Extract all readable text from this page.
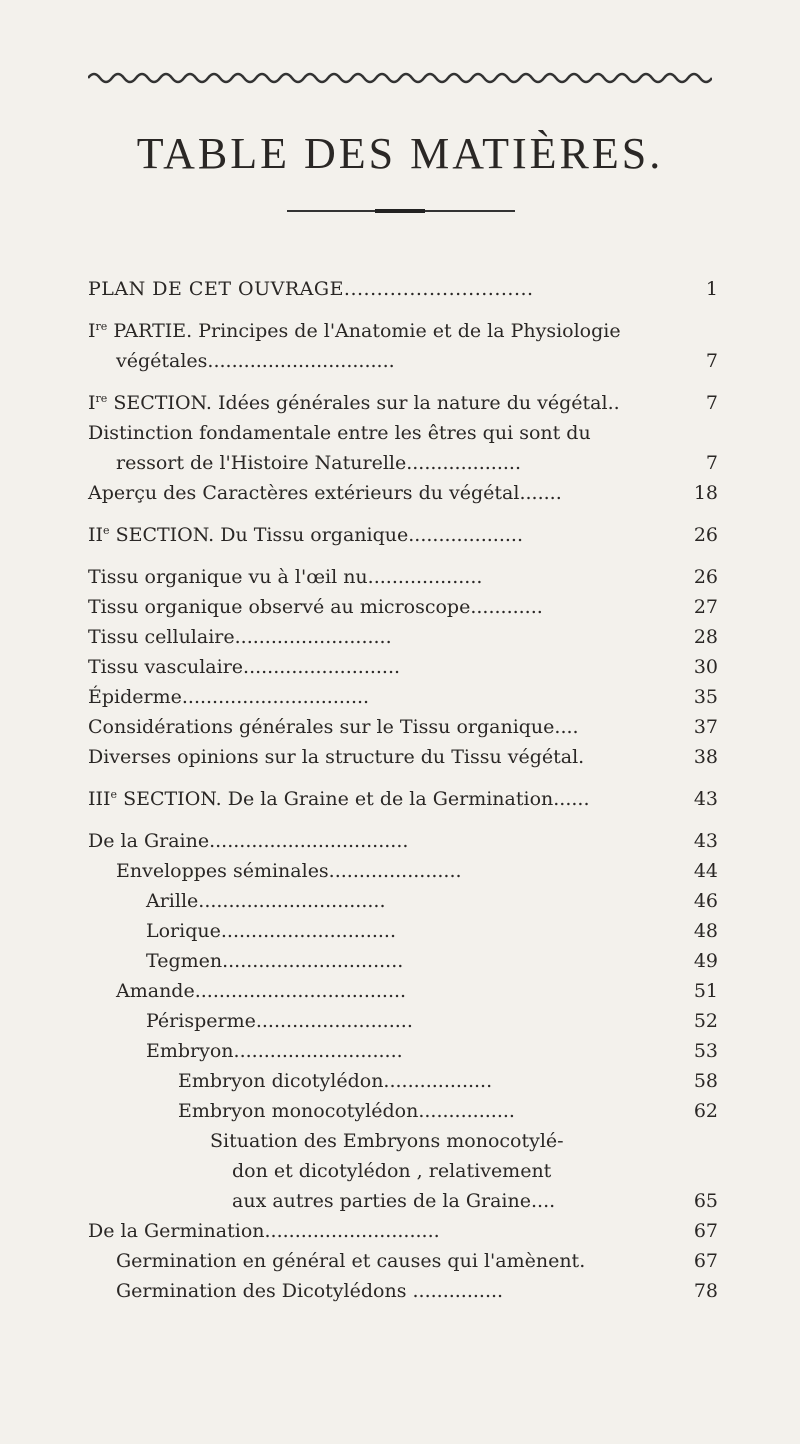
TABLE DES MATIÈRES.
PLAN DE CET OUVRAGE.............................	1
Ire PARTIE. Principes de l'Anatomie et de la Physiologie
végétales...............................	7
Ire SECTION. Idées générales sur la nature du végétal..	7
Distinction fondamentale entre les êtres qui sont du
ressort de l'Histoire Naturelle...................	7
Aperçu des Caractères extérieurs du végétal.......	18
IIe SECTION. Du Tissu organique...................	26
Tissu organique vu à l'œil nu...................	26
Tissu organique observé au microscope............	27
Tissu cellulaire..........................	28
Tissu vasculaire..........................	30
Épiderme...............................	35
Considérations générales sur le Tissu organique....	37
Diverses opinions sur la structure du Tissu végétal.	38
IIIe SECTION. De la Graine et de la Germination......	43
De la Graine.................................	43
Enveloppes séminales......................	44
Arille...............................	46
Lorique.............................	48
Tegmen..............................	49
Amande...................................	51
Périsperme..........................	52
Embryon............................	53
Embryon dicotylédon..................	58
Embryon monocotylédon................	62
Situation des Embryons monocotylé-
don et dicotylédon , relativement
aux autres parties de la Graine....	65
De la Germination.............................	67
Germination en général et causes qui l'amènent.	67
Germination des Dicotylédons ...............	78
